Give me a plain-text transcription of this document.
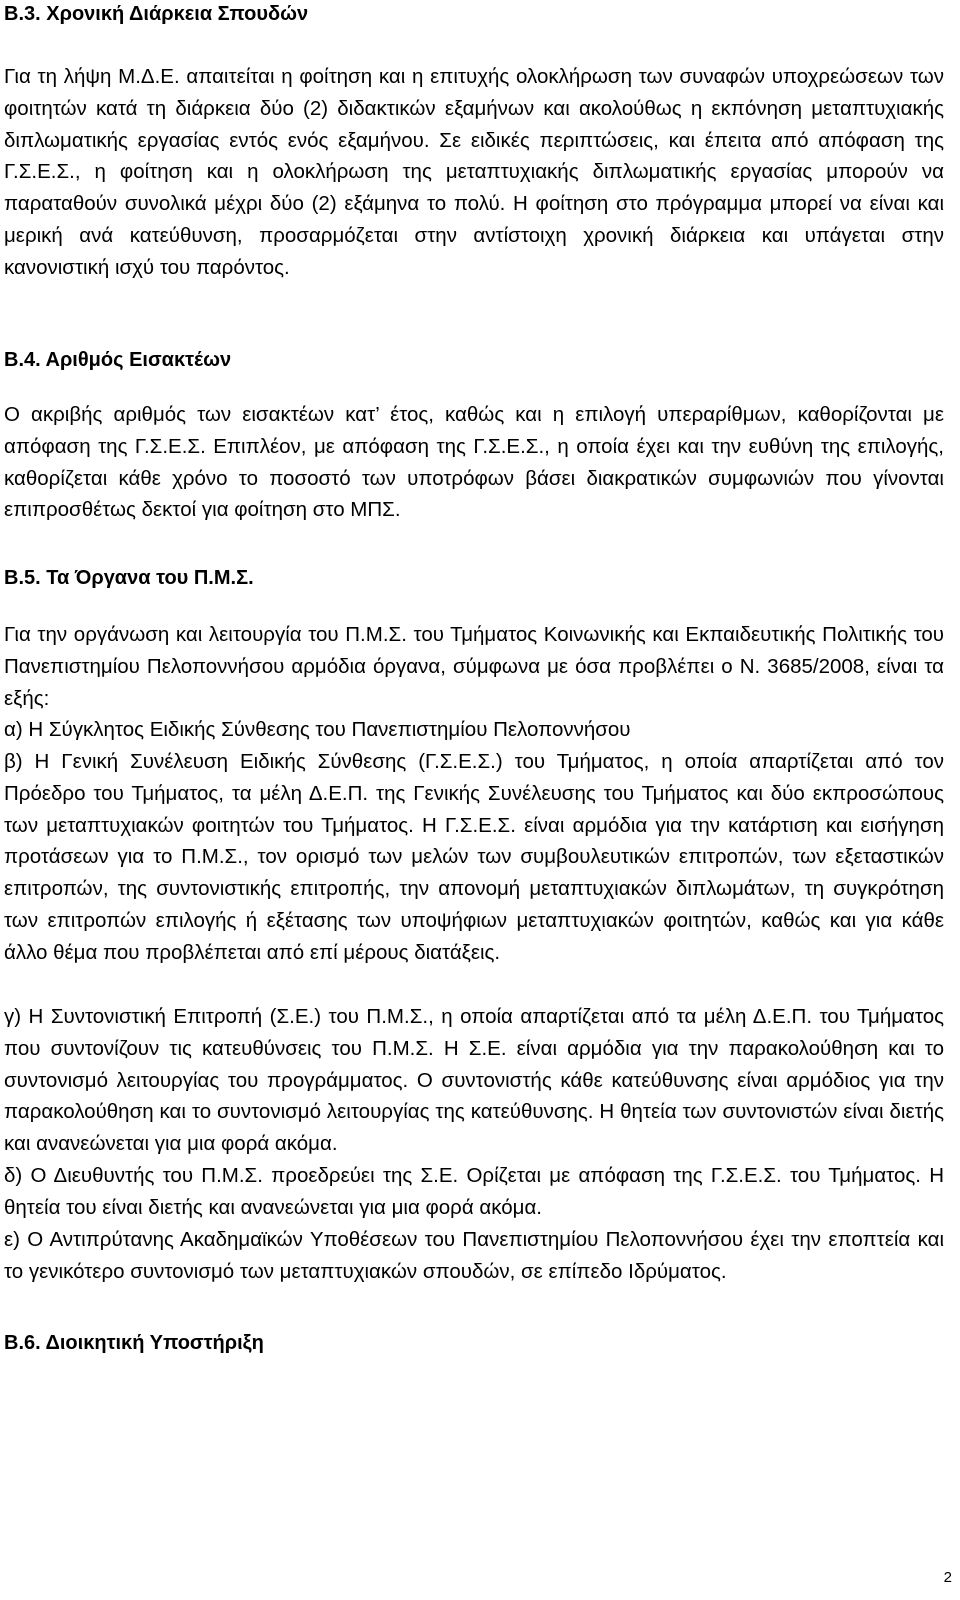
Β.3. Χρονική Διάρκεια Σπουδών

Για τη λήψη Μ.Δ.Ε. απαιτείται η φοίτηση και η επιτυχής ολοκλήρωση των συναφών υποχρεώσεων των φοιτητών κατά τη διάρκεια δύο (2) διδακτικών εξαμήνων και ακολούθως η εκπόνηση μεταπτυχιακής διπλωματικής εργασίας εντός ενός εξαμήνου. Σε ειδικές περιπτώσεις, και έπειτα από απόφαση της Γ.Σ.Ε.Σ., η φοίτηση και η ολοκλήρωση της μεταπτυχιακής διπλωματικής εργασίας μπορούν να παραταθούν συνολικά μέχρι δύο (2) εξάμηνα το πολύ. Η φοίτηση στο πρόγραμμα μπορεί να είναι και μερική ανά κατεύθυνση, προσαρμόζεται στην αντίστοιχη χρονική διάρκεια και υπάγεται στην κανονιστική ισχύ του παρόντος.

Β.4. Αριθμός Εισακτέων

Ο ακριβής αριθμός των εισακτέων κατ’ έτος, καθώς και η επιλογή υπεραρίθμων, καθορίζονται με απόφαση της Γ.Σ.Ε.Σ. Επιπλέον, με απόφαση της Γ.Σ.Ε.Σ., η οποία έχει και την ευθύνη της επιλογής, καθορίζεται κάθε χρόνο το ποσοστό των υποτρόφων βάσει διακρατικών συμφωνιών που γίνονται επιπροσθέτως δεκτοί για φοίτηση στο ΜΠΣ.

Β.5. Τα Όργανα του Π.Μ.Σ.

Για την οργάνωση και λειτουργία του Π.Μ.Σ. του Τμήματος Κοινωνικής και Εκπαιδευτικής Πολιτικής του Πανεπιστημίου Πελοποννήσου αρμόδια όργανα, σύμφωνα με όσα προβλέπει ο Ν. 3685/2008, είναι τα εξής:

α) Η Σύγκλητος Ειδικής Σύνθεσης του Πανεπιστημίου Πελοποννήσου

β) Η Γενική Συνέλευση Ειδικής Σύνθεσης (Γ.Σ.Ε.Σ.) του Τμήματος, η οποία απαρτίζεται από τον Πρόεδρο του Τμήματος, τα μέλη Δ.Ε.Π. της Γενικής Συνέλευσης του Τμήματος και δύο εκπροσώπους των μεταπτυχιακών φοιτητών του Τμήματος. Η Γ.Σ.Ε.Σ. είναι αρμόδια για την κατάρτιση και εισήγηση προτάσεων για το Π.Μ.Σ., τον ορισμό των μελών των συμβουλευτικών επιτροπών, των εξεταστικών επιτροπών, της συντονιστικής επιτροπής, την απονομή μεταπτυχιακών διπλωμάτων, τη συγκρότηση των επιτροπών επιλογής ή εξέτασης των υποψήφιων μεταπτυχιακών φοιτητών, καθώς και για κάθε άλλο θέμα που προβλέπεται από επί μέρους διατάξεις.

γ) Η Συντονιστική Επιτροπή (Σ.Ε.) του Π.Μ.Σ., η οποία απαρτίζεται από τα μέλη Δ.Ε.Π. του Τμήματος που συντονίζουν τις κατευθύνσεις του Π.Μ.Σ. Η Σ.Ε. είναι αρμόδια για την παρακολούθηση και το συντονισμό λειτουργίας του προγράμματος. Ο συντονιστής κάθε κατεύθυνσης είναι αρμόδιος για την παρακολούθηση και το συντονισμό λειτουργίας της κατεύθυνσης. Η θητεία των συντονιστών είναι διετής και ανανεώνεται για μια φορά ακόμα.

δ) Ο Διευθυντής του Π.Μ.Σ. προεδρεύει της Σ.Ε. Ορίζεται με απόφαση της Γ.Σ.Ε.Σ. του Τμήματος. Η θητεία του είναι διετής και ανανεώνεται για μια φορά ακόμα.

ε) Ο Αντιπρύτανης Ακαδημαϊκών Υποθέσεων του Πανεπιστημίου Πελοποννήσου έχει την εποπτεία και το γενικότερο συντονισμό των μεταπτυχιακών σπουδών, σε επίπεδο Ιδρύματος.

Β.6. Διοικητική Υποστήριξη
2
